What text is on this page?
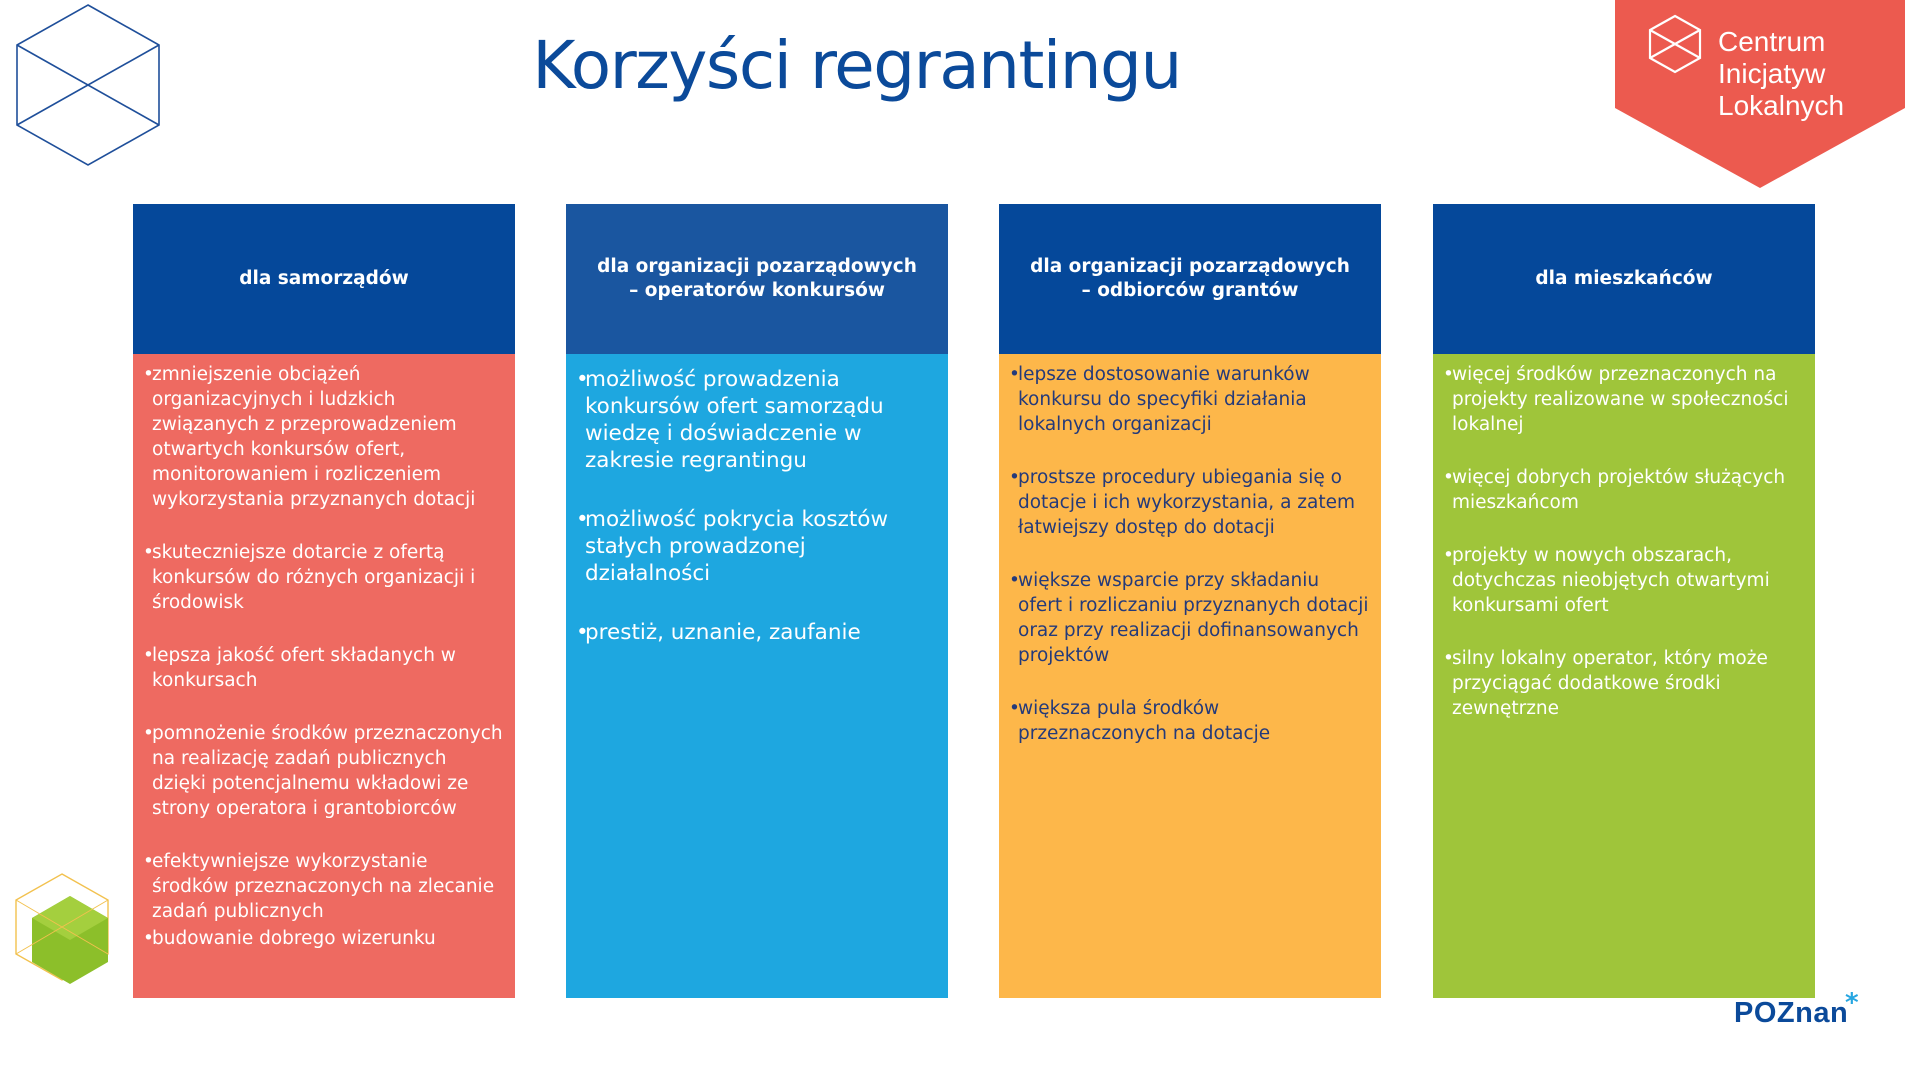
Korzyści regrantingu	Centrum
Inicjatyw
Lokalnych
dla samorządów
• zmniejszenie obciążeń organizacyjnych i ludzkich związanych z przeprowadzeniem otwartych konkursów ofert, monitorowaniem i rozliczeniem wykorzystania przyznanych dotacji
• skuteczniejsze dotarcie z ofertą konkursów do różnych organizacji i środowisk
• lepsza jakość ofert składanych w konkursach
• pomnożenie środków przeznaczonych na realizację zadań publicznych dzięki potencjalnemu wkładowi ze strony operatora i grantobiorców
• efektywniejsze wykorzystanie środków przeznaczonych na zlecanie zadań publicznych
• budowanie dobrego wizerunku
dla organizacji pozarządowych – operatorów konkursów
• możliwość prowadzenia konkursów ofert samorządu wiedzę i doświadczenie w zakresie regrantingu
• możliwość pokrycia kosztów stałych prowadzonej działalności
• prestiż, uznanie, zaufanie
dla organizacji pozarządowych – odbiorców grantów
• lepsze dostosowanie warunków konkursu do specyfiki działania lokalnych organizacji
• prostsze procedury ubiegania się o dotacje i ich wykorzystania, a zatem łatwiejszy dostęp do dotacji
• większe wsparcie przy składaniu ofert i rozliczaniu przyznanych dotacji oraz przy realizacji dofinansowanych projektów
• większa pula środków przeznaczonych na dotacje
dla mieszkańców
• więcej środków przeznaczonych na projekty realizowane w społeczności lokalnej
• więcej dobrych projektów służących mieszkańcom
• projekty w nowych obszarach, dotychczas nieobjętych otwartymi konkursami ofert
• silny lokalny operator, który może przyciągać dodatkowe środki zewnętrzne
POZnan
*
